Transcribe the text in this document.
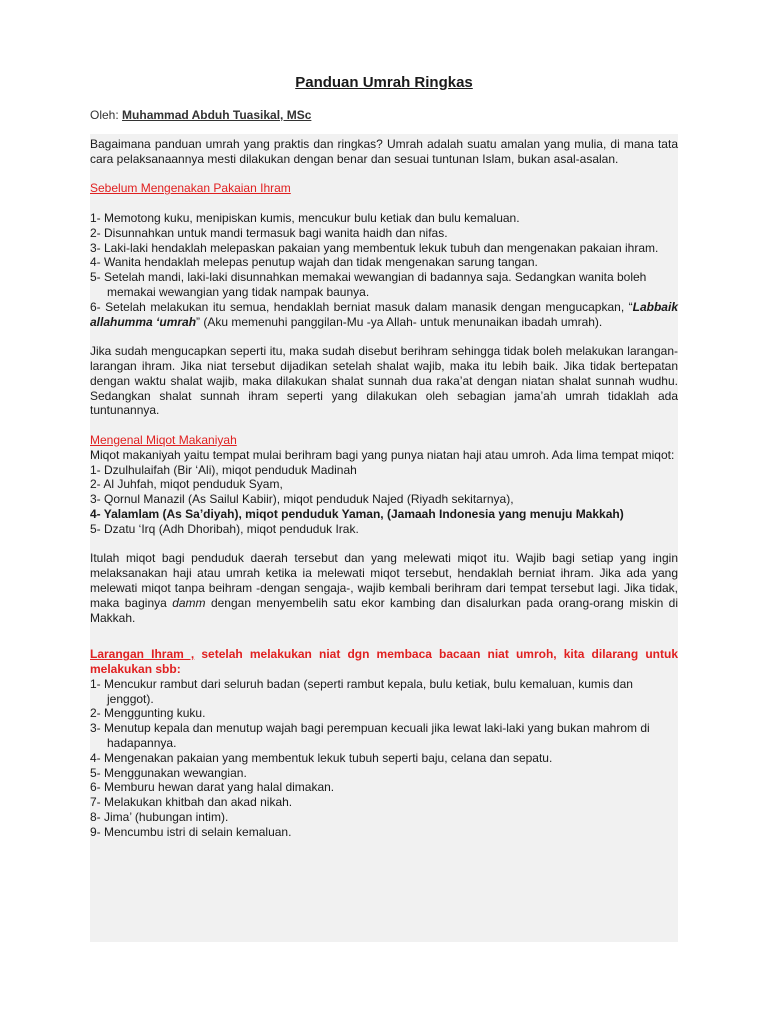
Panduan Umrah Ringkas
Oleh: Muhammad Abduh Tuasikal, MSc

Bagaimana panduan umrah yang praktis dan ringkas? Umrah adalah suatu amalan yang mulia, di mana tata cara pelaksanaannya mesti dilakukan dengan benar dan sesuai tuntunan Islam, bukan asal-asalan.

Sebelum Mengenakan Pakaian Ihram

1- Memotong kuku, menipiskan kumis, mencukur bulu ketiak dan bulu kemaluan.

2- Disunnahkan untuk mandi termasuk bagi wanita haidh dan nifas.

3- Laki-laki hendaklah melepaskan pakaian yang membentuk lekuk tubuh dan mengenakan pakaian ihram.

4- Wanita hendaklah melepas penutup wajah dan tidak mengenakan sarung tangan.

5- Setelah mandi, laki-laki disunnahkan memakai wewangian di badannya saja. Sedangkan wanita boleh memakai wewangian yang tidak nampak baunya.

6- Setelah melakukan itu semua, hendaklah berniat masuk dalam manasik dengan mengucapkan, “Labbaik allahumma ‘umrah” (Aku memenuhi panggilan-Mu -ya Allah- untuk menunaikan ibadah umrah).

Jika sudah mengucapkan seperti itu, maka sudah disebut berihram sehingga tidak boleh melakukan larangan-larangan ihram. Jika niat tersebut dijadikan setelah shalat wajib, maka itu lebih baik. Jika tidak bertepatan dengan waktu shalat wajib, maka dilakukan shalat sunnah dua raka’at dengan niatan shalat sunnah wudhu. Sedangkan shalat sunnah ihram seperti yang dilakukan oleh sebagian jama’ah umrah tidaklah ada tuntunannya.

Mengenal Miqot Makaniyah

Miqot makaniyah yaitu tempat mulai berihram bagi yang punya niatan haji atau umroh. Ada lima tempat miqot:

1- Dzulhulaifah (Bir ‘Ali), miqot penduduk Madinah

2- Al Juhfah, miqot penduduk Syam,

3- Qornul Manazil (As Sailul Kabiir), miqot penduduk Najed (Riyadh sekitarnya),

4- Yalamlam (As Sa’diyah), miqot penduduk Yaman, (Jamaah Indonesia yang menuju Makkah)

5- Dzatu ‘Irq (Adh Dhoribah), miqot penduduk Irak.

Itulah miqot bagi penduduk daerah tersebut dan yang melewati miqot itu. Wajib bagi setiap yang ingin melaksanakan haji atau umrah ketika ia melewati miqot tersebut, hendaklah berniat ihram. Jika ada yang melewati miqot tanpa beihram -dengan sengaja-, wajib kembali berihram dari tempat tersebut lagi. Jika tidak, maka baginya damm dengan menyembelih satu ekor kambing dan disalurkan pada orang-orang miskin di Makkah.

Larangan Ihram , setelah melakukan niat dgn membaca bacaan niat umroh, kita dilarang untuk melakukan sbb:

1- Mencukur rambut dari seluruh badan (seperti rambut kepala, bulu ketiak, bulu kemaluan, kumis dan jenggot).

2- Menggunting kuku.

3- Menutup kepala dan menutup wajah bagi perempuan kecuali jika lewat laki-laki yang bukan mahrom di hadapannya.

4- Mengenakan pakaian yang membentuk lekuk tubuh seperti baju, celana dan sepatu.

5- Menggunakan wewangian.

6- Memburu hewan darat yang halal dimakan.

7- Melakukan khitbah dan akad nikah.

8- Jima’ (hubungan intim).

9- Mencumbu istri di selain kemaluan.
